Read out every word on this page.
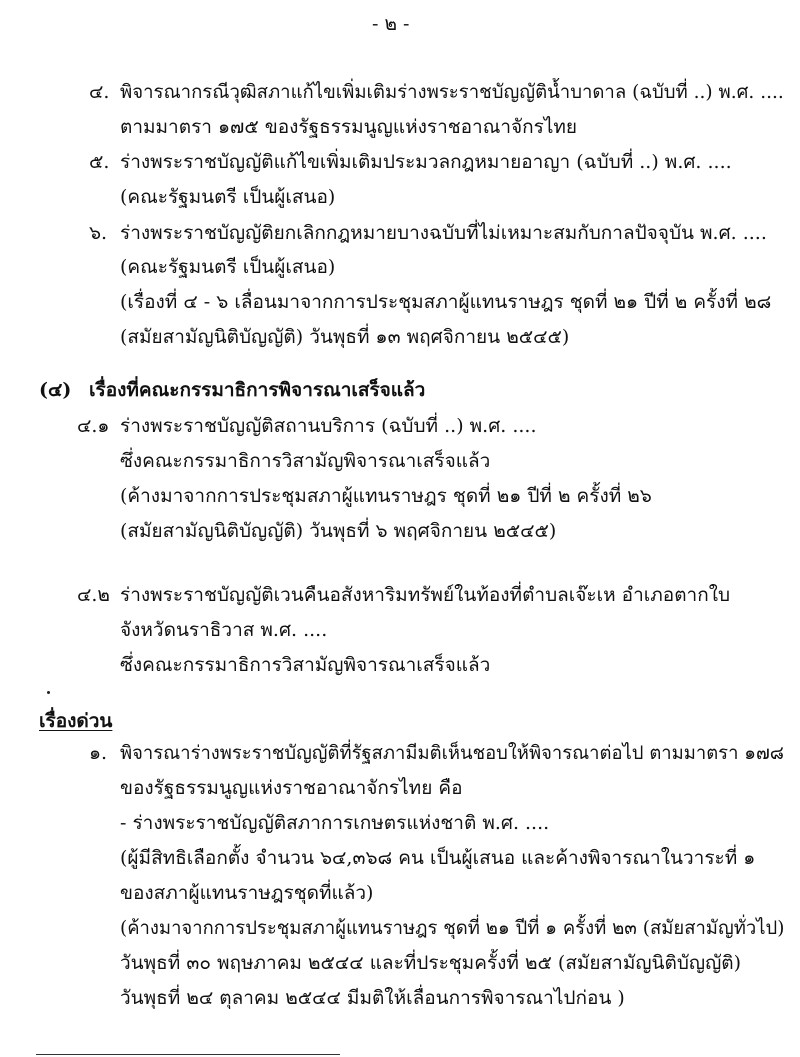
- ๒ -
๔. พิจารณากรณีวุฒิสภาแก้ไขเพิ่มเติมร่างพระราชบัญญัติน้ำบาดาล (ฉบับที่ ..) พ.ศ. ....
ตามมาตรา ๑๗๕ ของรัฐธรรมนูญแห่งราชอาณาจักรไทย
๕. ร่างพระราชบัญญัติแก้ไขเพิ่มเติมประมวลกฎหมายอาญา (ฉบับที่ ..) พ.ศ. ....
(คณะรัฐมนตรี เป็นผู้เสนอ)
๖. ร่างพระราชบัญญัติยกเลิกกฎหมายบางฉบับที่ไม่เหมาะสมกับกาลปัจจุบัน พ.ศ. ....
(คณะรัฐมนตรี เป็นผู้เสนอ)
(เรื่องที่ ๔ - ๖ เลื่อนมาจากการประชุมสภาผู้แทนราษฎร ชุดที่ ๒๑ ปีที่ ๒ ครั้งที่ ๒๘
(สมัยสามัญนิติบัญญัติ) วันพุธที่ ๑๓ พฤศจิกายน ๒๕๔๕)
(๔) เรื่องที่คณะกรรมาธิการพิจารณาเสร็จแล้ว
๔.๑ ร่างพระราชบัญญัติสถานบริการ (ฉบับที่ ..) พ.ศ. ....
ซึ่งคณะกรรมาธิการวิสามัญพิจารณาเสร็จแล้ว
(ค้างมาจากการประชุมสภาผู้แทนราษฎร ชุดที่ ๒๑ ปีที่ ๒ ครั้งที่ ๒๖
(สมัยสามัญนิติบัญญัติ) วันพุธที่ ๖ พฤศจิกายน ๒๕๔๕)
๔.๒ ร่างพระราชบัญญัติเวนคืนอสังหาริมทรัพย์ในท้องที่ตำบลเจ๊ะเห อำเภอตากใบ
จังหวัดนราธิวาส พ.ศ. ....
ซึ่งคณะกรรมาธิการวิสามัญพิจารณาเสร็จแล้ว
เรื่องด่วน
๑. พิจารณาร่างพระราชบัญญัติที่รัฐสภามีมติเห็นชอบให้พิจารณาต่อไป ตามมาตรา ๑๗๘
ของรัฐธรรมนูญแห่งราชอาณาจักรไทย คือ
- ร่างพระราชบัญญัติสภาการเกษตรแห่งชาติ พ.ศ. ....
(ผู้มีสิทธิเลือกตั้ง จำนวน ๖๔,๓๖๘ คน เป็นผู้เสนอ และค้างพิจารณาในวาระที่ ๑
ของสภาผู้แทนราษฎรชุดที่แล้ว)
(ค้างมาจากการประชุมสภาผู้แทนราษฎร ชุดที่ ๒๑ ปีที่ ๑ ครั้งที่ ๒๓ (สมัยสามัญทั่วไป)
วันพุธที่ ๓๐ พฤษภาคม ๒๕๔๔ และที่ประชุมครั้งที่ ๒๕ (สมัยสามัญนิติบัญญัติ)
วันพุธที่ ๒๔ ตุลาคม ๒๕๔๔ มีมติให้เลื่อนการพิจารณาไปก่อน )
